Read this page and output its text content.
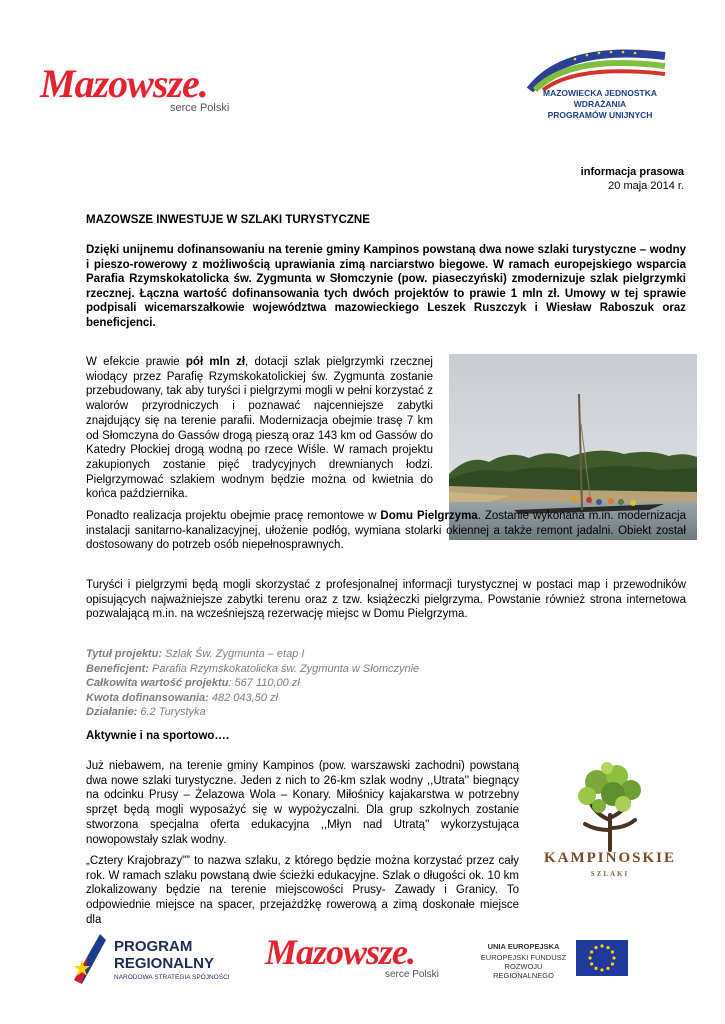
Mazowsze.
serce Polski
MAZOWIECKA JEDNOSTKA
WDRAŻANIA
PROGRAMÓW UNIJNYCH
informacja prasowa
20 maja 2014 r.
MAZOWSZE INWESTUJE W SZLAKI TURYSTYCZNE
Dzięki unijnemu dofinansowaniu na terenie gminy Kampinos powstaną dwa nowe szlaki turystyczne – wodny i pieszo-rowerowy z możliwością uprawiania zimą narciarstwo biegowe. W ramach europejskiego wsparcia Parafia Rzymskokatolicka św. Zygmunta w Słomczynie (pow. piaseczyński) zmodernizuje szlak pielgrzymki rzecznej. Łączna wartość dofinansowania tych dwóch projektów to prawie 1 mln zł. Umowy w tej sprawie podpisali wicemarszałkowie województwa mazowieckiego Leszek Ruszczyk i Wiesław Raboszuk oraz beneficjenci.
W efekcie prawie pół mln zł, dotacji szlak pielgrzymki rzecznej wiodący przez Parafię Rzymskokatolickiej św. Zygmunta zostanie przebudowany, tak aby turyści i pielgrzymi mogli w pełni korzystać z walorów przyrodniczych i poznawać najcenniejsze zabytki znajdujący się na terenie parafii. Modernizacja obejmie trasę 7 km od Słomczyna do Gassów drogą pieszą oraz 143 km od Gassów do Katedry Płockiej drogą wodną po rzece Wiśle. W ramach projektu zakupionych zostanie pięć tradycyjnych drewnianych łodzi. Pielgrzymować szlakiem wodnym będzie można od kwietnia do końca października.
Ponadto realizacja projektu obejmie pracę remontowe w Domu Pielgrzyma. Zostanie wykonana m.in. modernizacja instalacji sanitarno-kanalizacyjnej, ułożenie podłóg, wymiana stolarki okiennej a także remont jadalni. Obiekt został dostosowany do potrzeb osób niepełnosprawnych.
Turyści i pielgrzymi będą mogli skorzystać z profesjonalnej informacji turystycznej w postaci map i przewodników opisujących najważniejsze zabytki terenu oraz z tzw. książeczki pielgrzyma. Powstanie również strona internetowa pozwalającą m.in. na wcześniejszą rezerwację miejsc w Domu Pielgrzyma.
Tytuł projektu: Szlak Św. Zygmunta – etap I
Beneficjent: Parafia Rzymskokatolicka św. Zygmunta w Słomczynie
Całkowita wartość projektu: 567 110,00 zł
Kwota dofinansowania: 482 043,50 zł
Działanie: 6.2 Turystyka
Aktywnie i na sportowo….
Już niebawem, na terenie gminy Kampinos (pow. warszawski zachodni) powstaną dwa nowe szlaki turystyczne. Jeden z nich to 26-km szlak wodny ,,Utrata'' biegnący na odcinku Prusy – Żelazowa Wola – Konary. Miłośnicy kajakarstwa w potrzebny sprzęt będą mogli wyposażyć się w wypożyczalni. Dla grup szkolnych zostanie stworzona specjalna oferta edukacyjna ,,Młyn nad Utratą'' wykorzystująca nowopowstały szlak wodny.
„Cztery Krajobrazy"” to nazwa szlaku, z którego będzie można korzystać przez cały rok. W ramach szlaku powstaną dwie ścieżki edukacyjne. Szlak o długości ok. 10 km zlokalizowany będzie na terenie miejscowości Prusy- Zawady i Granicy. To odpowiednie miejsce na spacer, przejażdżkę rowerową a zimą doskonałe miejsce dla
KAMPINOSKIE
SZLAKI
PROGRAM
REGIONALNY
NARODOWA STRATEGIA SPÓJNOŚCI
Mazowsze.
serce Polski
UNIA EUROPEJSKA
EUROPEJSKI FUNDUSZ
ROZWOJU REGIONALNEGO
